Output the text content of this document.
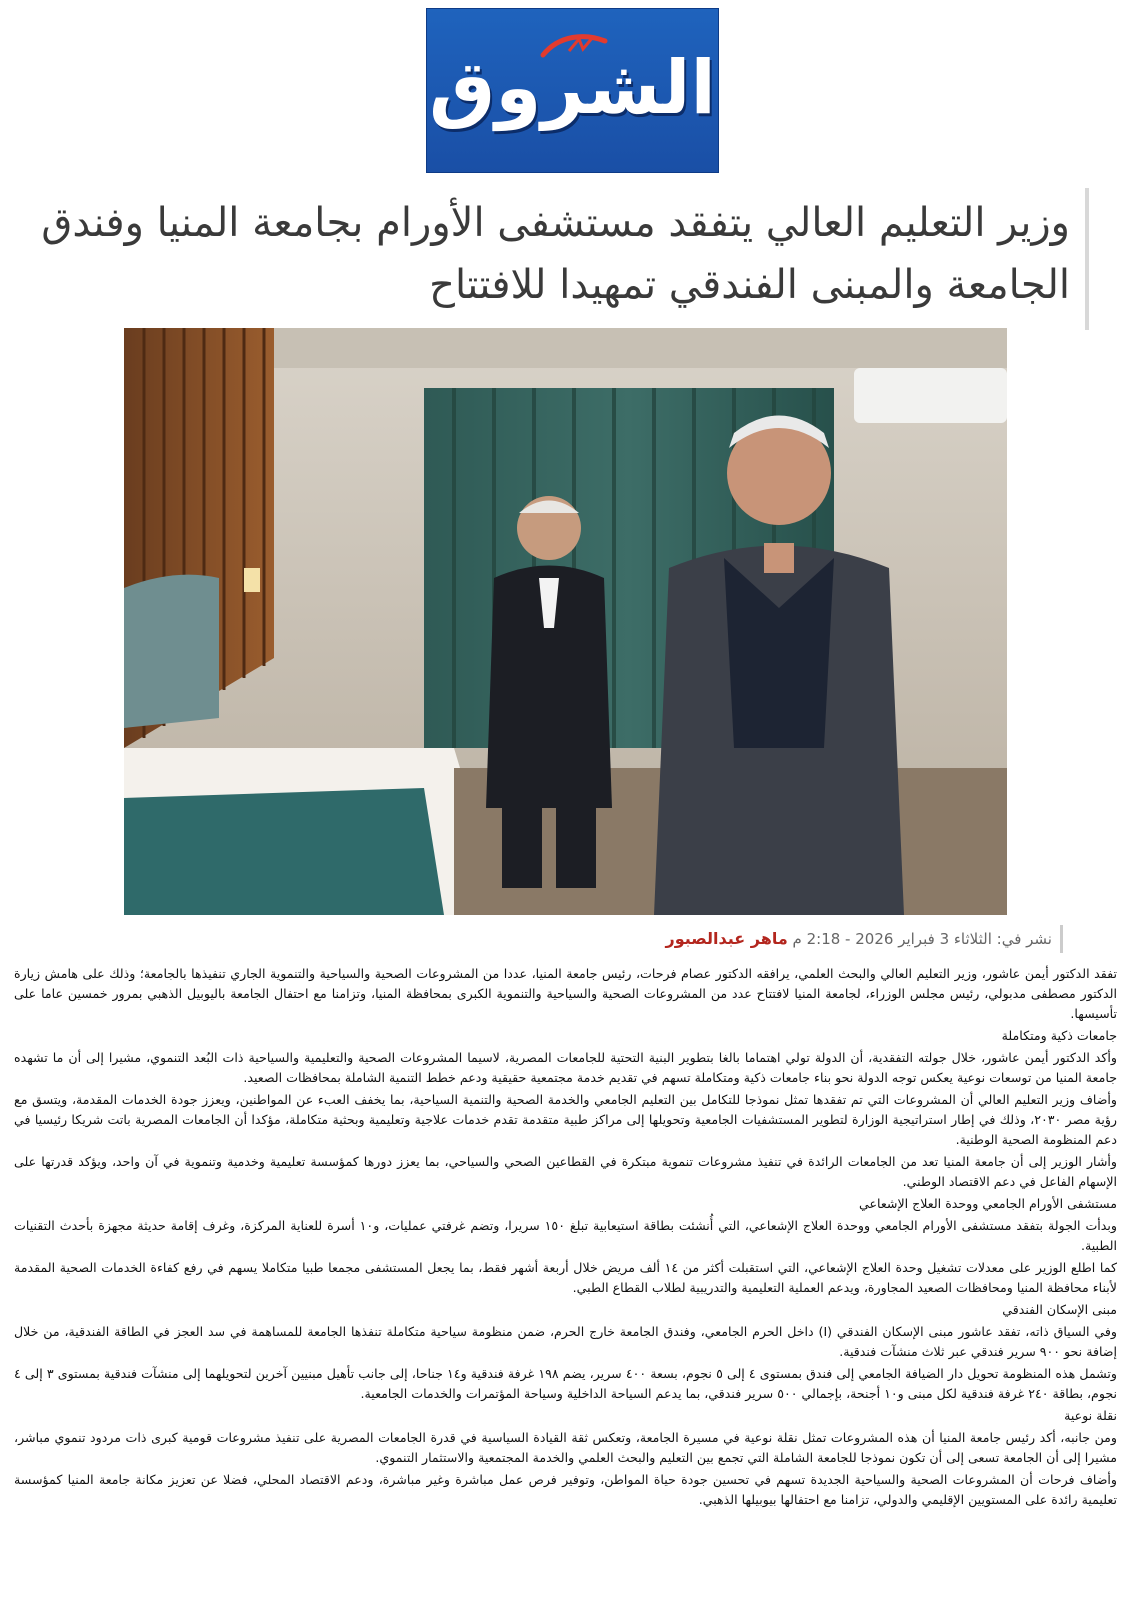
الشروق
وزير التعليم العالي يتفقد مستشفى الأورام بجامعة المنيا وفندق الجامعة والمبنى الفندقي تمهيدا للافتتاح
نشر في: الثلاثاء 3 فبراير 2026 - 2:18 م ماهر عبدالصبور

تفقد الدكتور أيمن عاشور، وزير التعليم العالي والبحث العلمي، يرافقه الدكتور عصام فرحات، رئيس جامعة المنيا، عددا من المشروعات الصحية والسياحية والتنموية الجاري تنفيذها بالجامعة؛ وذلك على هامش زيارة الدكتور مصطفى مدبولي، رئيس مجلس الوزراء، لجامعة المنيا لافتتاح عدد من المشروعات الصحية والسياحية والتنموية الكبرى بمحافظة المنيا، وتزامنا مع احتفال الجامعة باليوبيل الذهبي بمرور خمسين عاما على تأسيسها.

جامعات ذكية ومتكاملة

وأكد الدكتور أيمن عاشور، خلال جولته التفقدية، أن الدولة تولي اهتماما بالغا بتطوير البنية التحتية للجامعات المصرية، لاسيما المشروعات الصحية والتعليمية والسياحية ذات البُعد التنموي، مشيرا إلى أن ما تشهده جامعة المنيا من توسعات نوعية يعكس توجه الدولة نحو بناء جامعات ذكية ومتكاملة تسهم في تقديم خدمة مجتمعية حقيقية ودعم خطط التنمية الشاملة بمحافظات الصعيد.

وأضاف وزير التعليم العالي أن المشروعات التي تم تفقدها تمثل نموذجا للتكامل بين التعليم الجامعي والخدمة الصحية والتنمية السياحية، بما يخفف العبء عن المواطنين، ويعزز جودة الخدمات المقدمة، ويتسق مع رؤية مصر ٢٠٣٠، وذلك في إطار استراتيجية الوزارة لتطوير المستشفيات الجامعية وتحويلها إلى مراكز طبية متقدمة تقدم خدمات علاجية وتعليمية وبحثية متكاملة، مؤكدا أن الجامعات المصرية باتت شريكا رئيسيا في دعم المنظومة الصحية الوطنية.

وأشار الوزير إلى أن جامعة المنيا تعد من الجامعات الرائدة في تنفيذ مشروعات تنموية مبتكرة في القطاعين الصحي والسياحي، بما يعزز دورها كمؤسسة تعليمية وخدمية وتنموية في آن واحد، ويؤكد قدرتها على الإسهام الفاعل في دعم الاقتصاد الوطني.

مستشفى الأورام الجامعي ووحدة العلاج الإشعاعي

وبدأت الجولة بتفقد مستشفى الأورام الجامعي ووحدة العلاج الإشعاعي، التي أُنشئت بطاقة استيعابية تبلغ ١٥٠ سريرا، وتضم غرفتي عمليات، و١٠ أسرة للعناية المركزة، وغرف إقامة حديثة مجهزة بأحدث التقنيات الطبية.

كما اطلع الوزير على معدلات تشغيل وحدة العلاج الإشعاعي، التي استقبلت أكثر من ١٤ ألف مريض خلال أربعة أشهر فقط، بما يجعل المستشفى مجمعا طبيا متكاملا يسهم في رفع كفاءة الخدمات الصحية المقدمة لأبناء محافظة المنيا ومحافظات الصعيد المجاورة، ويدعم العملية التعليمية والتدريبية لطلاب القطاع الطبي.

مبنى الإسكان الفندقي

وفي السياق ذاته، تفقد عاشور مبنى الإسكان الفندقي (I) داخل الحرم الجامعي، وفندق الجامعة خارج الحرم، ضمن منظومة سياحية متكاملة تنفذها الجامعة للمساهمة في سد العجز في الطاقة الفندقية، من خلال إضافة نحو ٩٠٠ سرير فندقي عبر ثلاث منشآت فندقية.

وتشمل هذه المنظومة تحويل دار الضيافة الجامعي إلى فندق بمستوى ٤ إلى ٥ نجوم، بسعة ٤٠٠ سرير، يضم ١٩٨ غرفة فندقية و١٤ جناحا، إلى جانب تأهيل مبنيين آخرين لتحويلهما إلى منشآت فندقية بمستوى ٣ إلى ٤ نجوم، بطاقة ٢٤٠ غرفة فندقية لكل مبنى و١٠ أجنحة، بإجمالي ٥٠٠ سرير فندقي، بما يدعم السياحة الداخلية وسياحة المؤتمرات والخدمات الجامعية.

نقلة نوعية

ومن جانبه، أكد رئيس جامعة المنيا أن هذه المشروعات تمثل نقلة نوعية في مسيرة الجامعة، وتعكس ثقة القيادة السياسية في قدرة الجامعات المصرية على تنفيذ مشروعات قومية كبرى ذات مردود تنموي مباشر، مشيرا إلى أن الجامعة تسعى إلى أن تكون نموذجا للجامعة الشاملة التي تجمع بين التعليم والبحث العلمي والخدمة المجتمعية والاستثمار التنموي.

وأضاف فرحات أن المشروعات الصحية والسياحية الجديدة تسهم في تحسين جودة حياة المواطن، وتوفير فرص عمل مباشرة وغير مباشرة، ودعم الاقتصاد المحلي، فضلا عن تعزيز مكانة جامعة المنيا كمؤسسة تعليمية رائدة على المستويين الإقليمي والدولي، تزامنا مع احتفالها بيوبيلها الذهبي.
